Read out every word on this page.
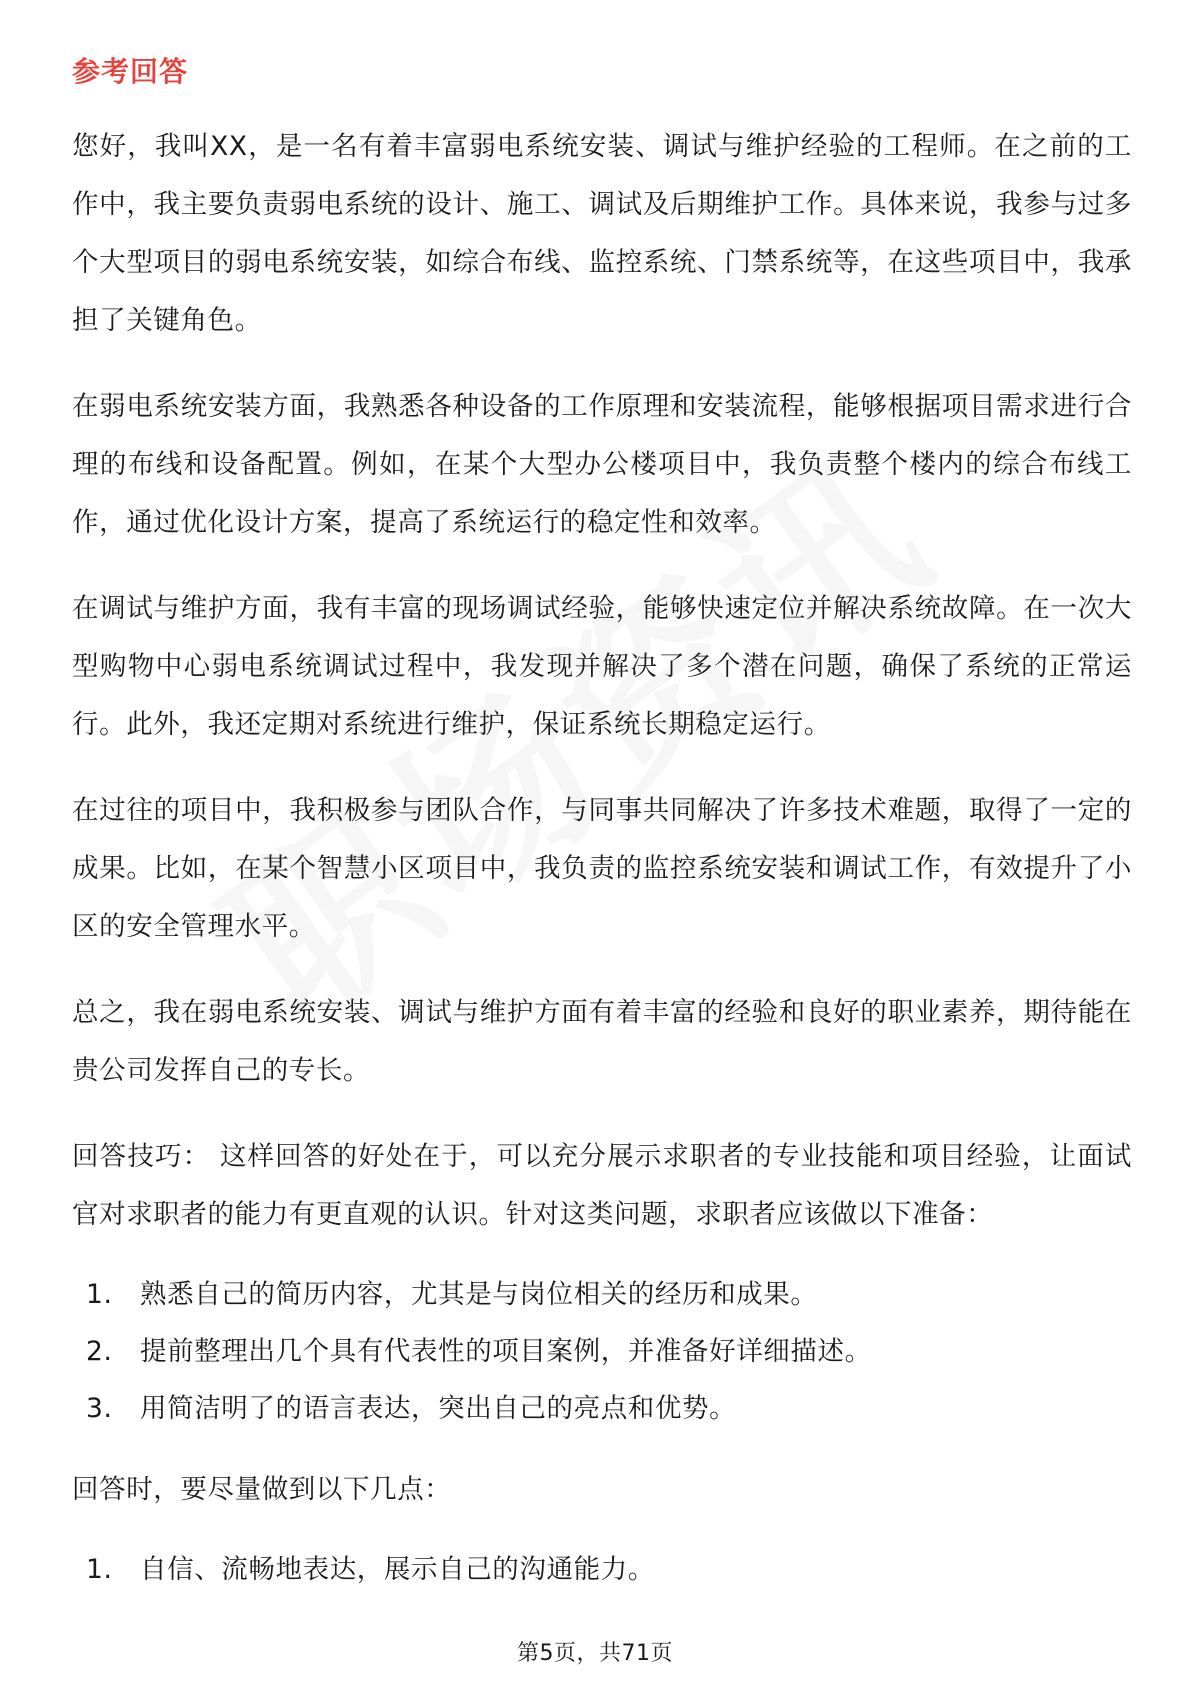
参考回答

您好，我叫XX，是一名有着丰富弱电系统安装、调试与维护经验的工程师。在之前的工作中，我主要负责弱电系统的设计、施工、调试及后期维护工作。具体来说，我参与过多个大型项目的弱电系统安装，如综合布线、监控系统、门禁系统等，在这些项目中，我承担了关键角色。

在弱电系统安装方面，我熟悉各种设备的工作原理和安装流程，能够根据项目需求进行合理的布线和设备配置。例如，在某个大型办公楼项目中，我负责整个楼内的综合布线工作，通过优化设计方案，提高了系统运行的稳定性和效率。

在调试与维护方面，我有丰富的现场调试经验，能够快速定位并解决系统故障。在一次大型购物中心弱电系统调试过程中，我发现并解决了多个潜在问题，确保了系统的正常运行。此外，我还定期对系统进行维护，保证系统长期稳定运行。

在过往的项目中，我积极参与团队合作，与同事共同解决了许多技术难题，取得了一定的成果。比如，在某个智慧小区项目中，我负责的监控系统安装和调试工作，有效提升了小区的安全管理水平。

总之，我在弱电系统安装、调试与维护方面有着丰富的经验和良好的职业素养，期待能在贵公司发挥自己的专长。

回答技巧： 这样回答的好处在于，可以充分展示求职者的专业技能和项目经验，让面试官对求职者的能力有更直观的认识。针对这类问题，求职者应该做以下准备：

1.	熟悉自己的简历内容，尤其是与岗位相关的经历和成果。
2.	提前整理出几个具有代表性的项目案例，并准备好详细描述。
3.	用简洁明了的语言表达，突出自己的亮点和优势。

回答时，要尽量做到以下几点：

1.	自信、流畅地表达，展示自己的沟通能力。
第5页，共71页
